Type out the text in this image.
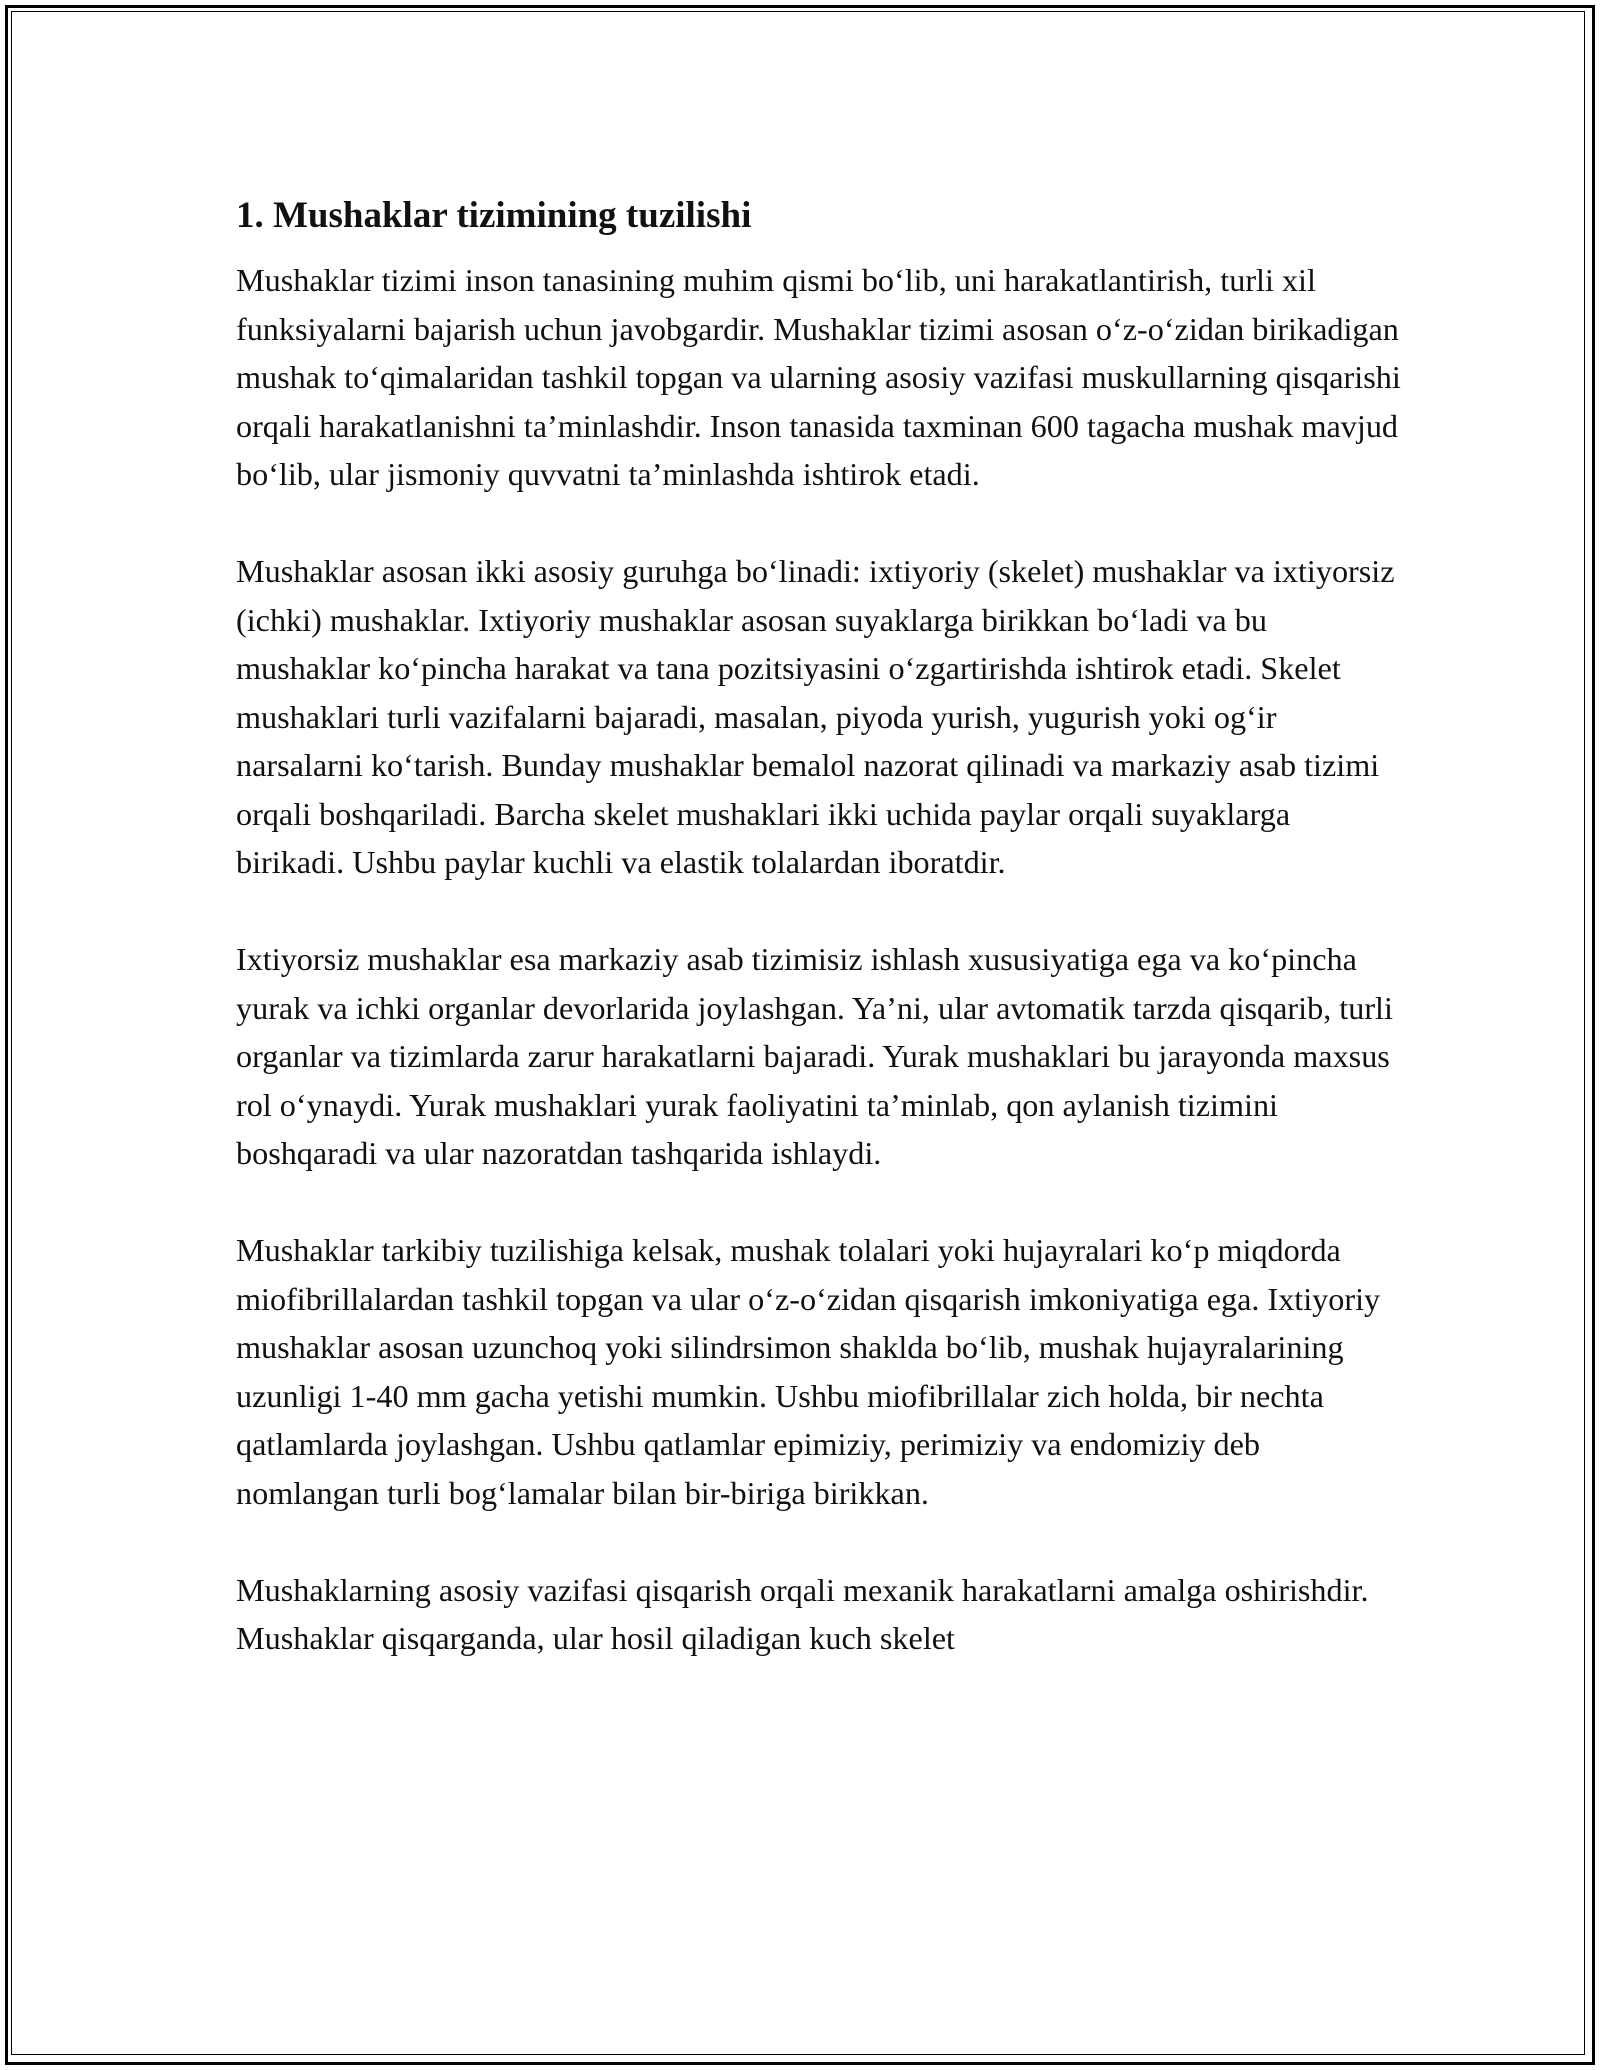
1. Mushaklar tizimining tuzilishi

Mushaklar tizimi inson tanasining muhim qismi bo‘lib, uni harakatlantirish, turli xil funksiyalarni bajarish uchun javobgardir. Mushaklar tizimi asosan o‘z-o‘zidan birikadigan mushak to‘qimalaridan tashkil topgan va ularning asosiy vazifasi muskullarning qisqarishi orqali harakatlanishni ta’minlashdir. Inson tanasida taxminan 600 tagacha mushak mavjud bo‘lib, ular jismoniy quvvatni ta’minlashda ishtirok etadi.

Mushaklar asosan ikki asosiy guruhga bo‘linadi: ixtiyoriy (skelet) mushaklar va ixtiyorsiz (ichki) mushaklar. Ixtiyoriy mushaklar asosan suyaklarga birikkan bo‘ladi va bu mushaklar ko‘pincha harakat va tana pozitsiyasini o‘zgartirishda ishtirok etadi. Skelet mushaklari turli vazifalarni bajaradi, masalan, piyoda yurish, yugurish yoki og‘ir narsalarni ko‘tarish. Bunday mushaklar bemalol nazorat qilinadi va markaziy asab tizimi orqali boshqariladi. Barcha skelet mushaklari ikki uchida paylar orqali suyaklarga birikadi. Ushbu paylar kuchli va elastik tolalardan iboratdir.

Ixtiyorsiz mushaklar esa markaziy asab tizimisiz ishlash xususiyatiga ega va ko‘pincha yurak va ichki organlar devorlarida joylashgan. Ya’ni, ular avtomatik tarzda qisqarib, turli organlar va tizimlarda zarur harakatlarni bajaradi. Yurak mushaklari bu jarayonda maxsus rol o‘ynaydi. Yurak mushaklari yurak faoliyatini ta’minlab, qon aylanish tizimini boshqaradi va ular nazoratdan tashqarida ishlaydi.

Mushaklar tarkibiy tuzilishiga kelsak, mushak tolalari yoki hujayralari ko‘p miqdorda miofibrillalardan tashkil topgan va ular o‘z-o‘zidan qisqarish imkoniyatiga ega. Ixtiyoriy mushaklar asosan uzunchoq yoki silindrsimon shaklda bo‘lib, mushak hujayralarining uzunligi 1-40 mm gacha yetishi mumkin. Ushbu miofibrillalar zich holda, bir nechta qatlamlarda joylashgan. Ushbu qatlamlar epimiziy, perimiziy va endomiziy deb nomlangan turli bog‘lamalar bilan bir-biriga birikkan.

Mushaklarning asosiy vazifasi qisqarish orqali mexanik harakatlarni amalga oshirishdir. Mushaklar qisqarganda, ular hosil qiladigan kuch skelet
